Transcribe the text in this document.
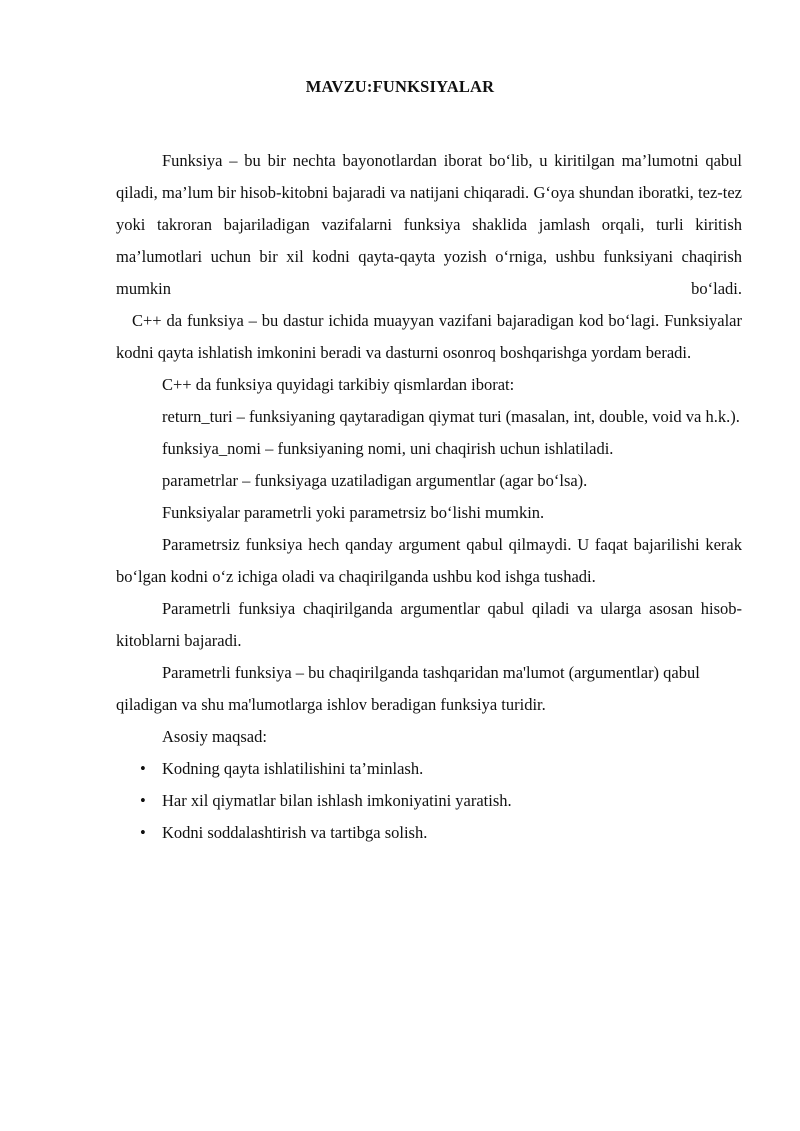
MAVZU:FUNKSIYALAR

Funksiya – bu bir nechta bayonotlardan iborat bo‘lib, u kiritilgan ma’lumotni qabul qiladi, ma’lum bir hisob-kitobni bajaradi va natijani chiqaradi. G‘oya shundan iboratki, tez-tez yoki takroran bajariladigan vazifalarni funksiya shaklida jamlash orqali, turli kiritish ma’lumotlari uchun bir xil kodni qayta-qayta yozish o‘rniga, ushbu funksiyani chaqirish mumkin bo‘ladi.

C++ da funksiya – bu dastur ichida muayyan vazifani bajaradigan kod bo‘lagi. Funksiyalar kodni qayta ishlatish imkonini beradi va dasturni osonroq boshqarishga yordam beradi.

C++ da funksiya quyidagi tarkibiy qismlardan iborat:

return_turi – funksiyaning qaytaradigan qiymat turi (masalan, int, double, void va h.k.).

funksiya_nomi – funksiyaning nomi, uni chaqirish uchun ishlatiladi.

parametrlar – funksiyaga uzatiladigan argumentlar (agar bo‘lsa).

Funksiyalar parametrli yoki parametrsiz bo‘lishi mumkin.

Parametrsiz funksiya hech qanday argument qabul qilmaydi. U faqat bajarilishi kerak bo‘lgan kodni o‘z ichiga oladi va chaqirilganda ushbu kod ishga tushadi.

Parametrli funksiya chaqirilganda argumentlar qabul qiladi va ularga asosan hisob-kitoblarni bajaradi.

Parametrli funksiya – bu chaqirilganda tashqaridan ma'lumot (argumentlar) qabul qiladigan va shu ma'lumotlarga ishlov beradigan funksiya turidir.

Asosiy maqsad:

• Kodning qayta ishlatilishini ta’minlash.
• Har xil qiymatlar bilan ishlash imkoniyatini yaratish.
• Kodni soddalashtirish va tartibga solish.
